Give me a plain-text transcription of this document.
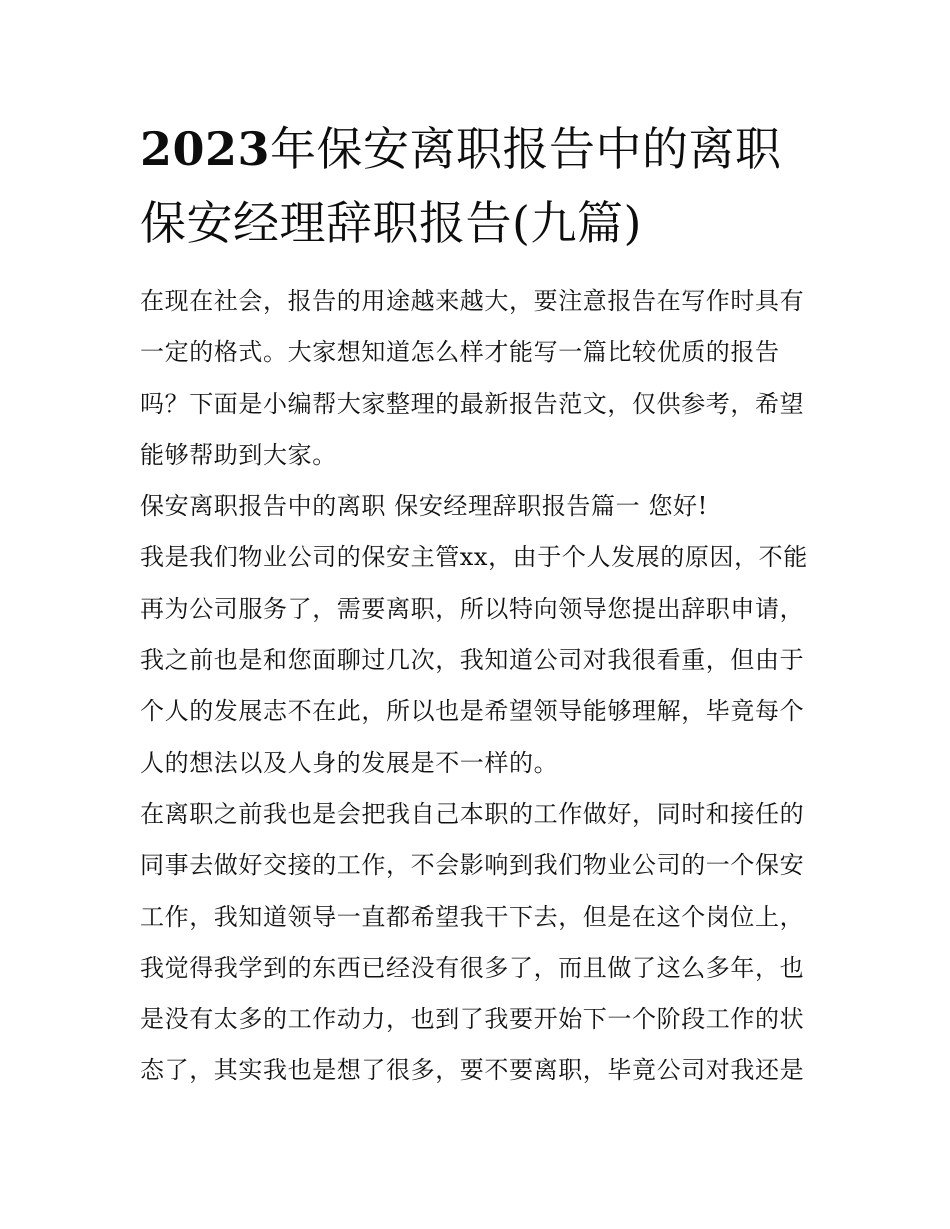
2023年保安离职报告中的离职保安经理辞职报告(九篇)

在现在社会，报告的用途越来越大，要注意报告在写作时具有一定的格式。大家想知道怎么样才能写一篇比较优质的报告吗？下面是小编帮大家整理的最新报告范文，仅供参考，希望能够帮助到大家。

保安离职报告中的离职 保安经理辞职报告篇一 您好!

我是我们物业公司的保安主管xx，由于个人发展的原因，不能再为公司服务了，需要离职，所以特向领导您提出辞职申请，我之前也是和您面聊过几次，我知道公司对我很看重，但由于个人的发展志不在此，所以也是希望领导能够理解，毕竟每个人的想法以及人身的发展是不一样的。

在离职之前我也是会把我自己本职的工作做好，同时和接任的同事去做好交接的工作，不会影响到我们物业公司的一个保安工作，我知道领导一直都希望我干下去，但是在这个岗位上，我觉得我学到的东西已经没有很多了，而且做了这么多年，也是没有太多的工作动力，也到了我要开始下一个阶段工作的状态了，其实我也是想了很多，要不要离职，毕竟公司对我还是
